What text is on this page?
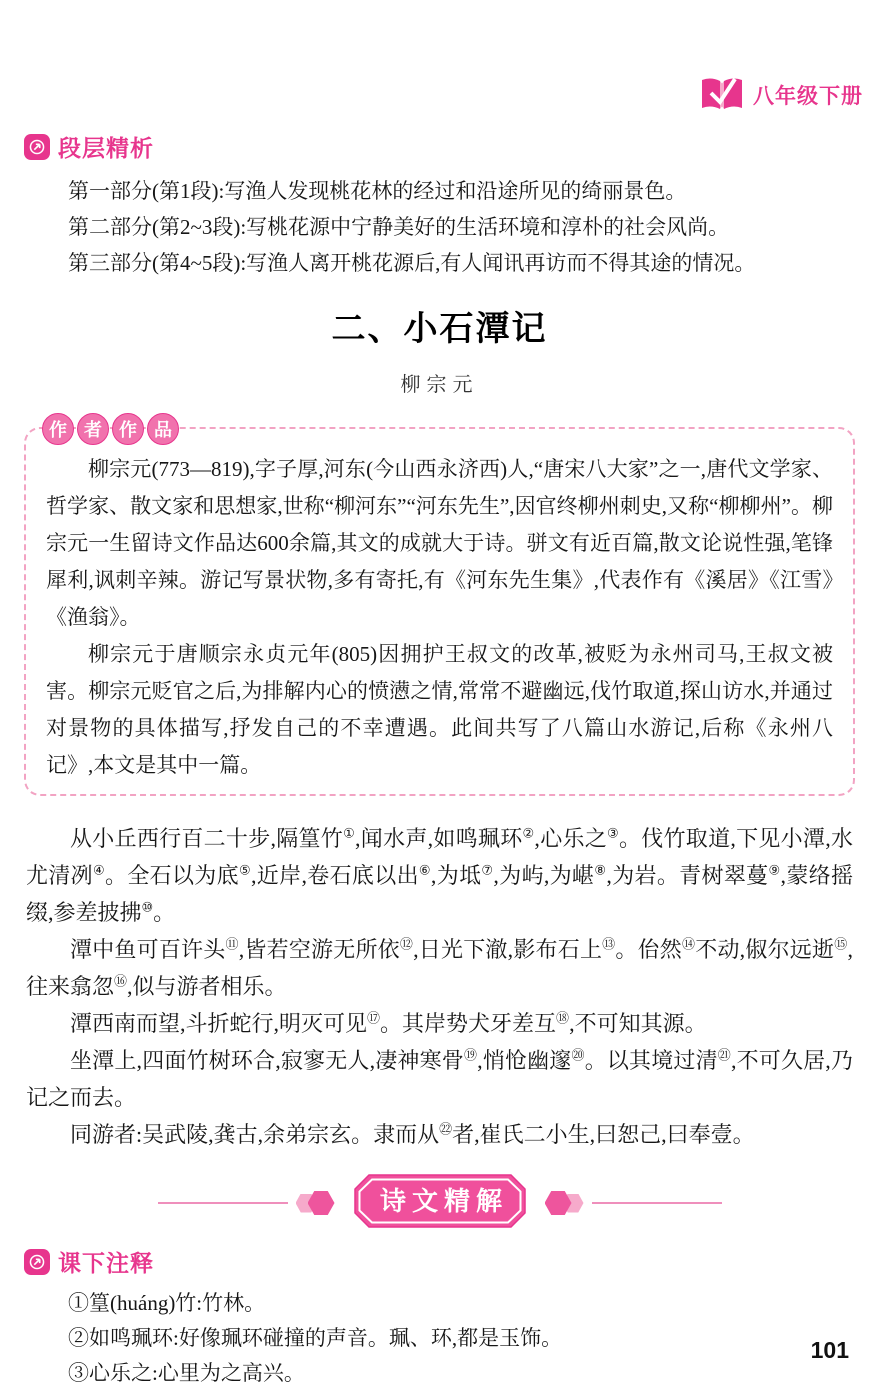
八年级下册
段层精析
第一部分(第1段):写渔人发现桃花林的经过和沿途所见的绮丽景色。
第二部分(第2~3段):写桃花源中宁静美好的生活环境和淳朴的社会风尚。
第三部分(第4~5段):写渔人离开桃花源后,有人闻讯再访而不得其途的情况。
二、小石潭记
柳宗元
作 者 作 品

柳宗元(773—819),字子厚,河东(今山西永济西)人,“唐宋八大家”之一,唐代文学家、哲学家、散文家和思想家,世称“柳河东”“河东先生”,因官终柳州刺史,又称“柳柳州”。柳宗元一生留诗文作品达600余篇,其文的成就大于诗。骈文有近百篇,散文论说性强,笔锋犀利,讽刺辛辣。游记写景状物,多有寄托,有《河东先生集》,代表作有《溪居》《江雪》《渔翁》。

柳宗元于唐顺宗永贞元年(805)因拥护王叔文的改革,被贬为永州司马,王叔文被害。柳宗元贬官之后,为排解内心的愤懑之情,常常不避幽远,伐竹取道,探山访水,并通过对景物的具体描写,抒发自己的不幸遭遇。此间共写了八篇山水游记,后称《永州八记》,本文是其中一篇。

从小丘西行百二十步,隔篁竹①,闻水声,如鸣珮环②,心乐之③。伐竹取道,下见小潭,水尤清冽④。全石以为底⑤,近岸,卷石底以出⑥,为坻⑦,为屿,为嵁⑧,为岩。青树翠蔓⑨,蒙络摇缀,参差披拂⑩。

潭中鱼可百许头⑪,皆若空游无所依⑫,日光下澈,影布石上⑬。佁然⑭不动,俶尔远逝⑮,往来翕忽⑯,似与游者相乐。

潭西南而望,斗折蛇行,明灭可见⑰。其岸势犬牙差互⑱,不可知其源。

坐潭上,四面竹树环合,寂寥无人,凄神寒骨⑲,悄怆幽邃⑳。以其境过清$^㉑$,不可久居,乃记之而去。

同游者:吴武陵,龚古,余弟宗玄。隶而从$^㉒$者,崔氏二小生,曰恕己,曰奉壹。

诗文精解
课下注释
①篁(huáng)竹:竹林。
②如鸣珮环:好像珮环碰撞的声音。珮、环,都是玉饰。
③心乐之:心里为之高兴。
101
